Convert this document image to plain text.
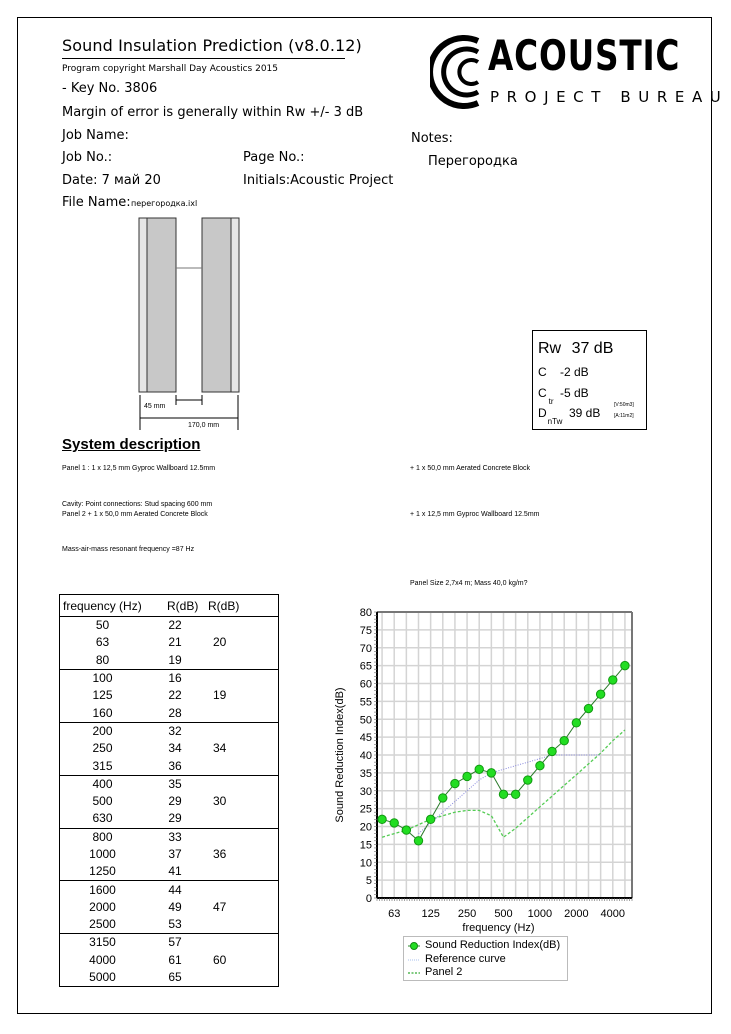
Sound Insulation Prediction (v8.0.12)
Program copyright Marshall Day Acoustics 2015
- Key No. 3806
Margin of error is generally within Rw +/- 3 dB
Job Name:
Job No.:	Page No.:
Date: 7 май 20	Initials:Acoustic Project
File Name: перегородка.ixl
ACOUSTIC
PROJECT BUREAU
Notes:
Перегородка
45 mm
170,0 mm
Rw 37 dB
C -2 dB
$C_{tr}$
-5 dB
$D_{nTw}$
39 dB
[V:50m3]
[A:11m2]
System description
Panel 1 : 1 x 12,5 mm Gyproc Wallboard 12.5mm	+ 1 x 50,0 mm Aerated Concrete Block
Cavity: Point connections: Stud spacing 600 mm
Panel 2 + 1 x 50,0 mm Aerated Concrete Block	+ 1 x 12,5 mm Gyproc Wallboard 12.5mm
Mass-air-mass resonant frequency =87 Hz
Panel Size 2,7x4 m; Mass 40,0 kg/m?
frequency (Hz)	R(dB)	R(dB)
50	22	
63	21	20
80	19	
100	16	
125	22	19
160	28	
200	32	
250	34	34
315	36	
400	35	
500	29	30
630	29	
800	33	
1000	37	36
1250	41	
1600	44	
2000	49	47
2500	53	
3150	57	
4000	61	60
5000	65	
0
5
10
15
20
25
30
35
40
45
50
55
60
65
70
75
80
63 125 250 500 1000 2000 4000
frequency (Hz)
Sound Reduction Index(dB)
Sound Reduction Index(dB)
Reference curve
Panel 2
